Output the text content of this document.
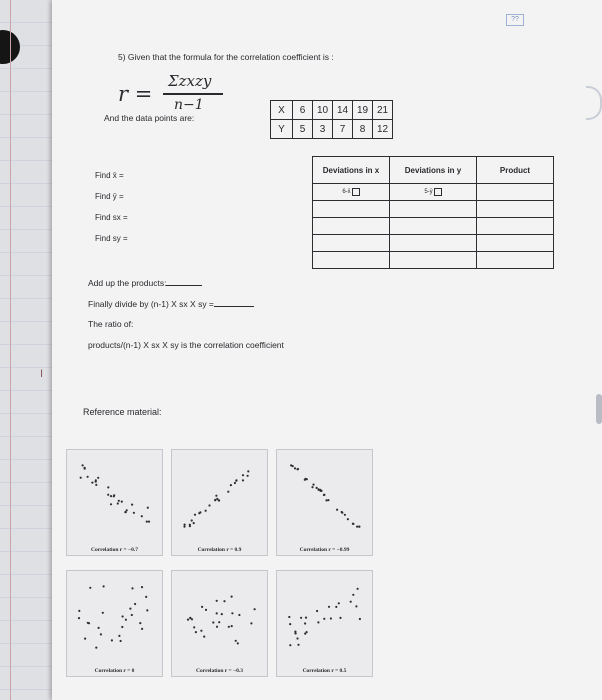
I
??
5) Given that the formula for the correlation coefficient is :
r =
Σzxzy
n−1
And the data points are:
X	6	10	14	19	21
Y	5	3	7	8	12
Deviations in x	Deviations in y	Product

6-x̄	5-ȳ	

Find x̄ =
Find ȳ =
Find sx =
Find sy =
Add up the products:
Finally divide by (n-1) X sx X sy =
The ratio of:
products/(n-1) X sx X sy is the correlation coefficient
Reference material:
Correlation r = −0.7	Correlation r = 0.9	Correlation r = −0.99
Correlation r = 0	Correlation r = −0.3	Correlation r = 0.5
